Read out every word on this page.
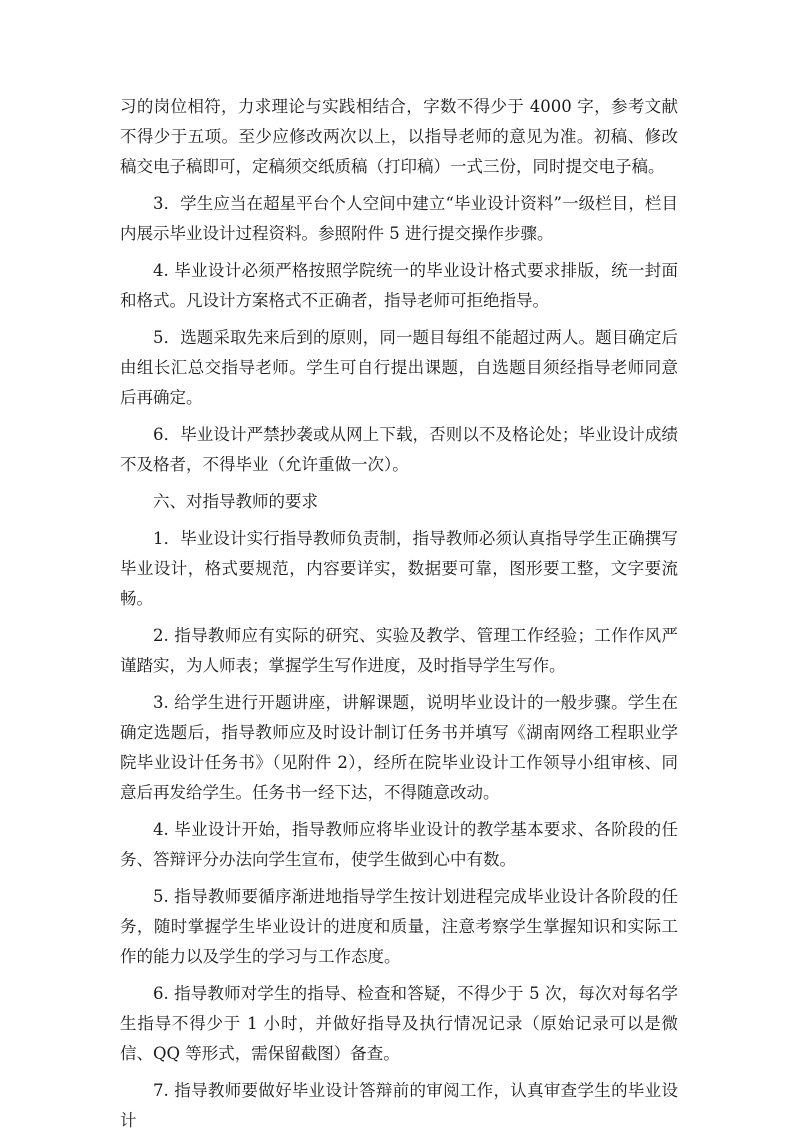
习的岗位相符，力求理论与实践相结合，字数不得少于 4000 字，参考文献不得少于五项。至少应修改两次以上，以指导老师的意见为准。初稿、修改稿交电子稿即可，定稿须交纸质稿（打印稿）一式三份，同时提交电子稿。

3．学生应当在超星平台个人空间中建立“毕业设计资料”一级栏目，栏目内展示毕业设计过程资料。参照附件 5 进行提交操作步骤。

4. 毕业设计必须严格按照学院统一的毕业设计格式要求排版，统一封面和格式。凡设计方案格式不正确者，指导老师可拒绝指导。

5．选题采取先来后到的原则，同一题目每组不能超过两人。题目确定后由组长汇总交指导老师。学生可自行提出课题，自选题目须经指导老师同意后再确定。

6．毕业设计严禁抄袭或从网上下载，否则以不及格论处；毕业设计成绩不及格者，不得毕业（允许重做一次）。

六、对指导教师的要求

1．毕业设计实行指导教师负责制，指导教师必须认真指导学生正确撰写毕业设计，格式要规范，内容要详实，数据要可靠，图形要工整，文字要流畅。

2. 指导教师应有实际的研究、实验及教学、管理工作经验；工作作风严谨踏实，为人师表；掌握学生写作进度，及时指导学生写作。

3. 给学生进行开题讲座，讲解课题，说明毕业设计的一般步骤。学生在确定选题后，指导教师应及时设计制订任务书并填写《湖南网络工程职业学院毕业设计任务书》（见附件 2），经所在院毕业设计工作领导小组审核、同意后再发给学生。任务书一经下达，不得随意改动。

4. 毕业设计开始，指导教师应将毕业设计的教学基本要求、各阶段的任务、答辩评分办法向学生宣布，使学生做到心中有数。

5. 指导教师要循序渐进地指导学生按计划进程完成毕业设计各阶段的任务，随时掌握学生毕业设计的进度和质量，注意考察学生掌握知识和实际工作的能力以及学生的学习与工作态度。

6. 指导教师对学生的指导、检查和答疑，不得少于 5 次，每次对每名学生指导不得少于 1 小时，并做好指导及执行情况记录（原始记录可以是微信、QQ 等形式，需保留截图）备查。

7. 指导教师要做好毕业设计答辩前的审阅工作，认真审查学生的毕业设计
